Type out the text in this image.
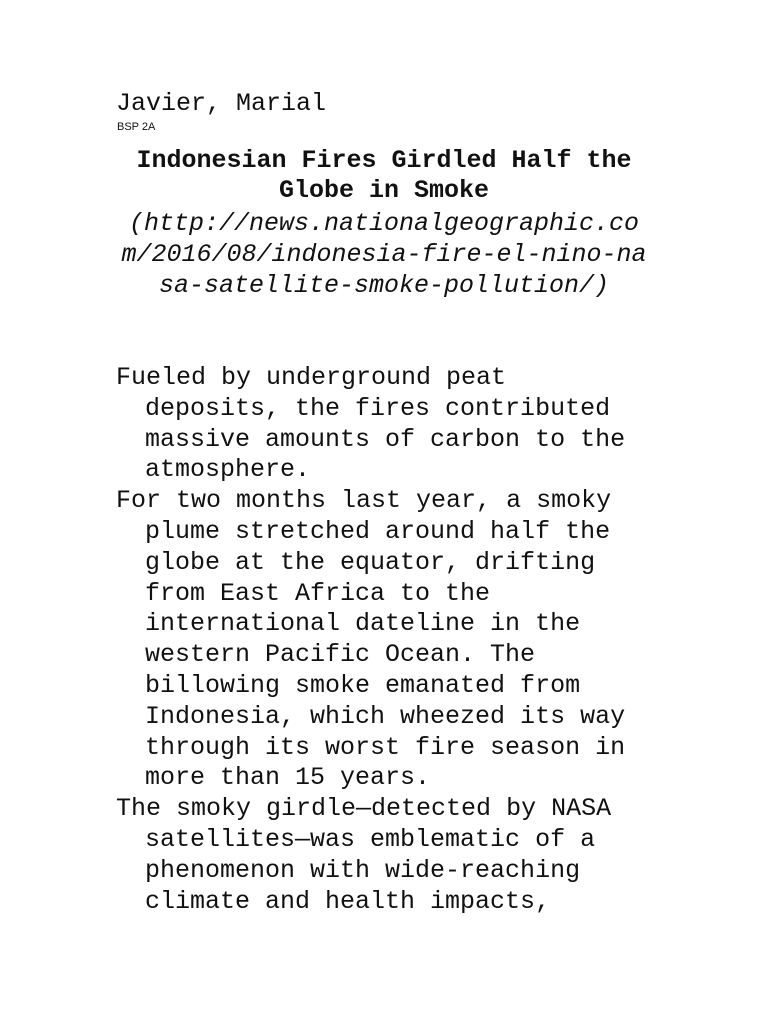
Javier, Marial
BSP 2A
Indonesian Fires Girdled Half the Globe in Smoke
(http://news.nationalgeographic.com/2016/08/indonesia-fire-el-nino-nasa-satellite-smoke-pollution/)

Fueled by underground peat deposits, the fires contributed massive amounts of carbon to the atmosphere.

For two months last year, a smoky plume stretched around half the globe at the equator, drifting from East Africa to the international dateline in the western Pacific Ocean. The billowing smoke emanated from Indonesia, which wheezed its way through its worst fire season in more than 15 years.

The smoky girdle—detected by NASA satellites—was emblematic of a phenomenon with wide-reaching climate and health impacts,
